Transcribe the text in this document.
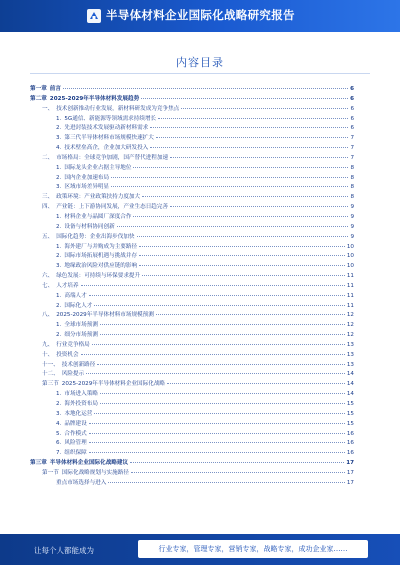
半导体材料企业国际化战略研究报告
内容目录
第一章 前言	6
第二章 2025-2029年半导体材料发展趋势	6
一、 技术创新推动行业发展，新材料研发成为竞争焦点	6
1. 5G通信、新能源等领域需求持续增长	6
2. 先进封装技术发展驱动新材料需求	6
3. 第三代半导体材料市场规模快速扩大	7
4. 技术壁垒高企，企业加大研发投入	7
二、 市场格局：全球竞争加剧，国产替代进程加速	7
1. 国际龙头企业占据主导地位	8
2. 国内企业加速布局	8
3. 区域市场差异明显	8
三、 政策环境：产业政策扶持力度加大	8
四、 产业链：上下游协同发展，产业生态日趋完善	9
1. 材料企业与晶圆厂深度合作	9
2. 设备与材料协同创新	9
五、 国际化趋势：企业出海步伐加快	9
1. 海外建厂与并购成为主要路径	10
2. 国际市场拓展机遇与挑战并存	10
3. 地缘政治风险对供应链的影响	10
六、 绿色发展：可持续与环保要求提升	11
七、 人才培养	11
1. 高端人才	11
2. 国际化人才	11
八、 2025-2029年半导体材料市场规模预测	12
1. 全球市场预测	12
2. 细分市场预测	12
九、 行业竞争格局	13
十、 投资机会	13
十一、 技术创新路径	13
十二、 风险提示	14
第三节 2025-2029年半导体材料企业国际化战略	14
1. 市场进入策略	14
2. 海外投资布局	15
3. 本地化运营	15
4. 品牌建设	15
5. 合作模式	16
6. 风险管理	16
7. 组织保障	16
第三章 半导体材料企业国际化战略建议	17
第一节 国际化战略规划与实施路径	17
重点市场选择与进入	17
让每个人都能成为	行业专家，管理专家，营销专家，战略专家，成功企业家……
